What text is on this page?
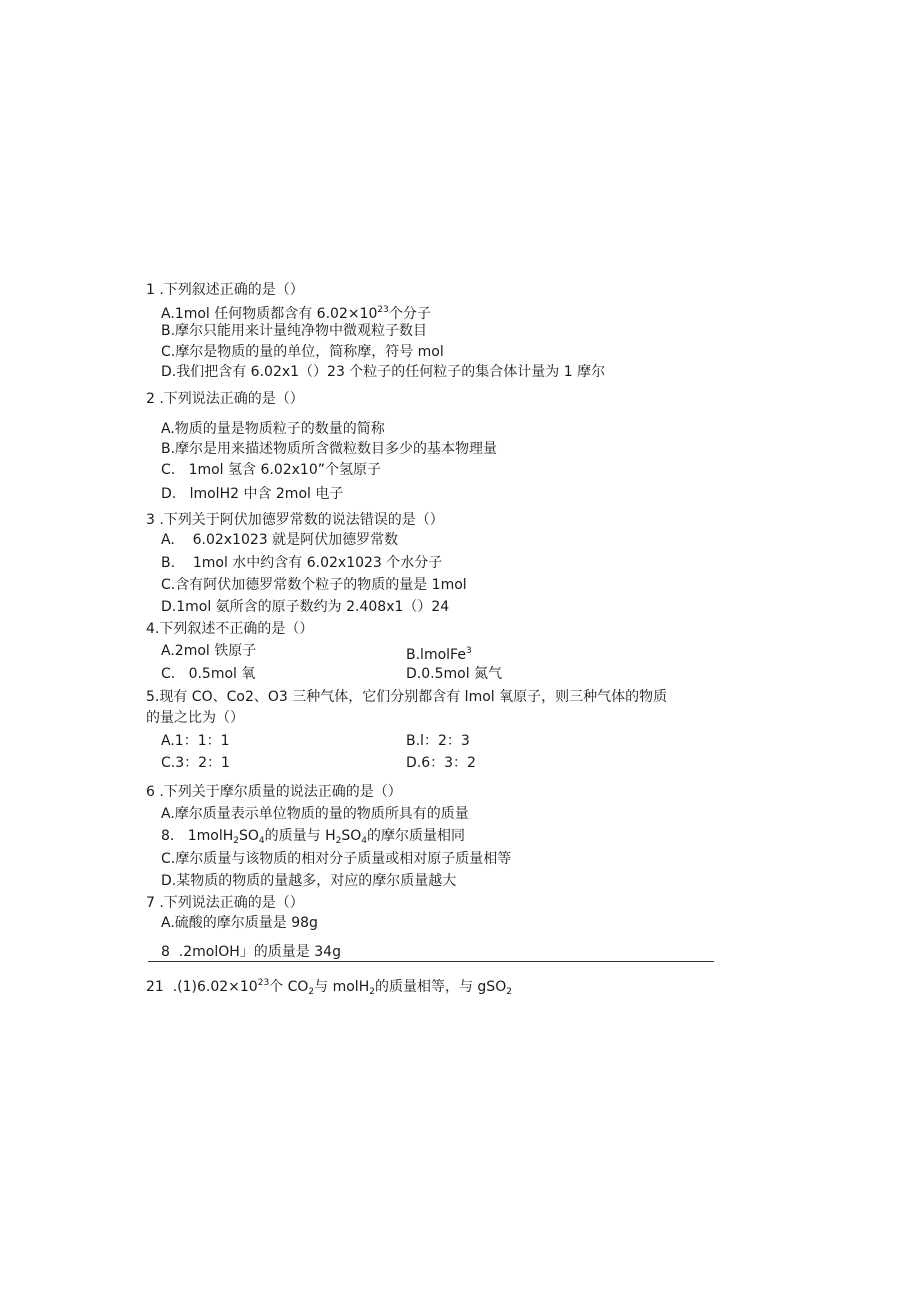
1 .下列叙述正确的是（）
A.1mol 任何物质都含有 $6.02\times 10^{23}$个分子
B.摩尔只能用来计量纯净物中微观粒子数目
C.摩尔是物质的量的单位，简称摩，符号 mol
D.我们把含有 6.02x1（）23 个粒子的任何粒子的集合体计量为 1 摩尔
2 .下列说法正确的是（）
A.物质的量是物质粒子的数量的简称
B.摩尔是用来描述物质所含微粒数目多少的基本物理量
C.   1mol 氢含 6.02x10”个氢原子
D.   lmolH2 中含 2mol 电子
3 .下列关于阿伏加德罗常数的说法错误的是（）
A.    6.02x1023 就是阿伏加德罗常数
B.    1mol 水中约含有 6.02x1023 个水分子
C.含有阿伏加德罗常数个粒子的物质的量是 1mol
D.1mol 氨所含的原子数约为 2.408x1（）24
4.下列叙述不正确的是（）
A.2mol 铁原子	B.lmolFe$^3$
C.   0.5mol 氧	D.0.5mol 氮气
5.现有 CO、Co2、O3 三种气体，它们分别都含有 lmol 氧原子，则三种气体的物质
的量之比为（）
A.1：1：1	B.l：2：3
C.3：2：1	D.6：3：2
6 .下列关于摩尔质量的说法正确的是（）
A.摩尔质量表示单位物质的量的物质所具有的质量
8.   $1molH_2SO_4$的质量与 $H_2SO_4$的摩尔质量相同
C.摩尔质量与该物质的相对分子质量或相对原子质量相等
D.某物质的物质的量越多，对应的摩尔质量越大
7 .下列说法正确的是（）
A.硫酸的摩尔质量是 98g
8  .2molOH」的质量是 34g
21  $.(1)6.02\times 10^{23}$个 $CO_2$与 molH$_2$的质量相等，与 gSO$_2$
